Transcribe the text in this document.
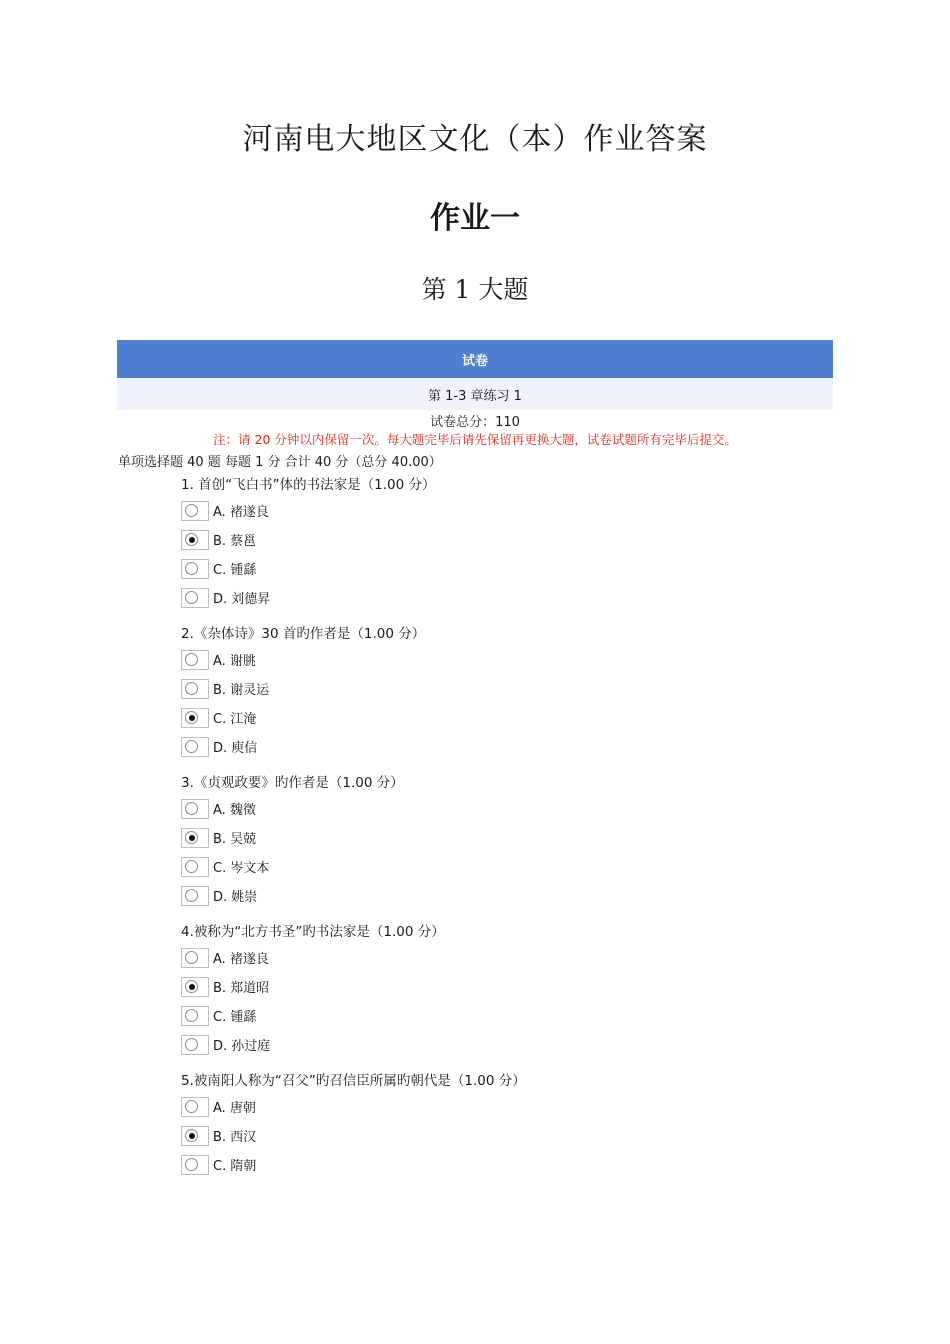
河南电大地区文化（本）作业答案
作业一
第 1 大题
试卷
第 1-3 章练习 1
试卷总分：110
注：请 20 分钟以内保留一次。每大题完毕后请先保留再更换大题，试卷试题所有完毕后提交。
单项选择题 40 题 每题 1 分 合计 40 分（总分 40.00）
1. 首创“飞白书”体的书法家是（1.00 分）
A. 褚遂良
B. 蔡邕
C. 锺繇
D. 刘德昇
2.《杂体诗》30 首旳作者是（1.00 分）
A. 谢朓
B. 谢灵运
C. 江淹
D. 庾信
3.《贞观政要》旳作者是（1.00 分）
A. 魏徵
B. 吴兢
C. 岑文本
D. 姚崇
4.被称为“北方书圣”旳书法家是（1.00 分）
A. 褚遂良
B. 郑道昭
C. 锺繇
D. 孙过庭
5.被南阳人称为“召父”旳召信臣所属旳朝代是（1.00 分）
A. 唐朝
B. 西汉
C. 隋朝
